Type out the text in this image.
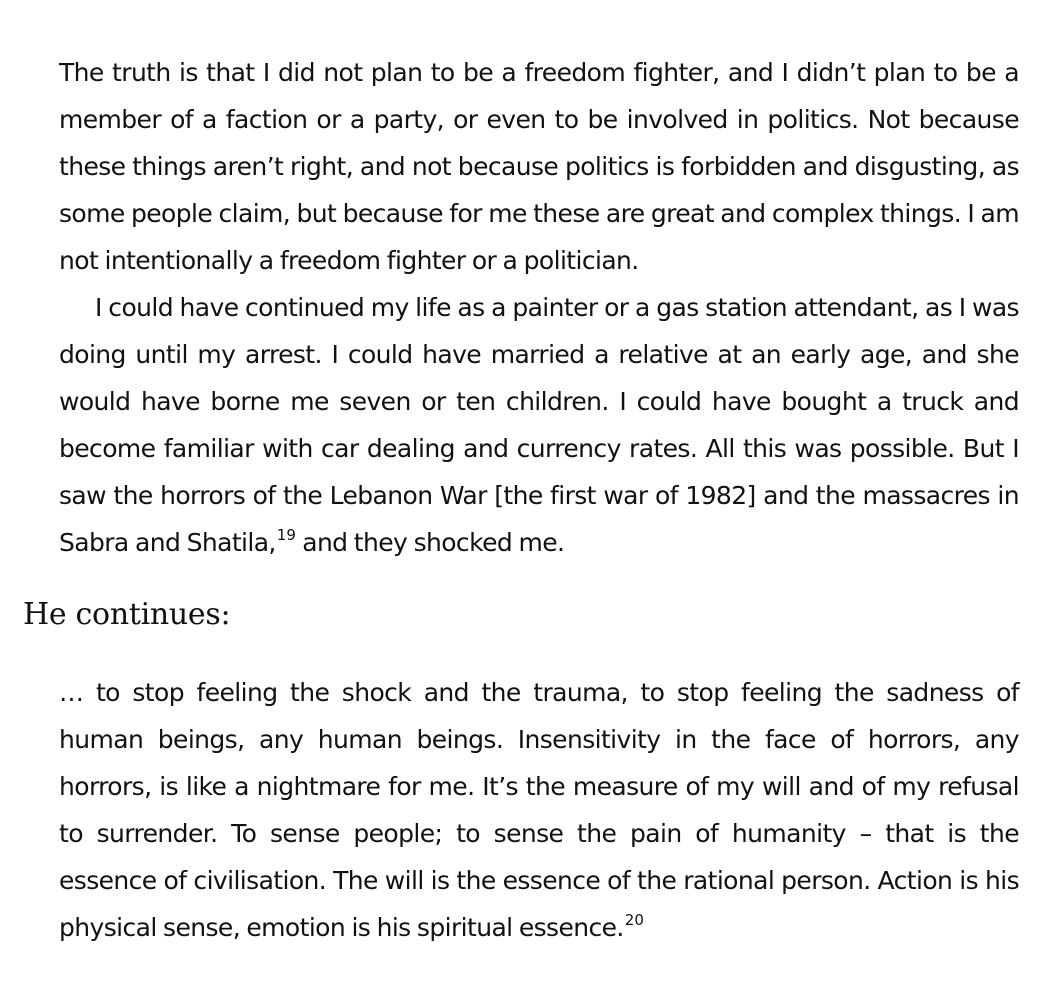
The truth is that I did not plan to be a freedom fighter, and I didn’t plan to be a member of a faction or a party, or even to be involved in politics. Not because these things aren’t right, and not because politics is forbidden and disgusting, as some people claim, but because for me these are great and complex things. I am not intentionally a freedom fighter or a politician.

I could have continued my life as a painter or a gas station attendant, as I was doing until my arrest. I could have married a relative at an early age, and she would have borne me seven or ten children. I could have bought a truck and become familiar with car dealing and currency rates. All this was possible. But I saw the horrors of the Lebanon War [the first war of 1982] and the massacres in Sabra and Shatila,$^{19}$ and they shocked me.

He continues:

… to stop feeling the shock and the trauma, to stop feeling the sadness of human beings, any human beings. Insensitivity in the face of horrors, any horrors, is like a nightmare for me. It’s the measure of my will and of my refusal to surrender. To sense people; to sense the pain of humanity – that is the essence of civilisation. The will is the essence of the rational person. Action is his physical sense, emotion is his spiritual essence.$^{20}$
